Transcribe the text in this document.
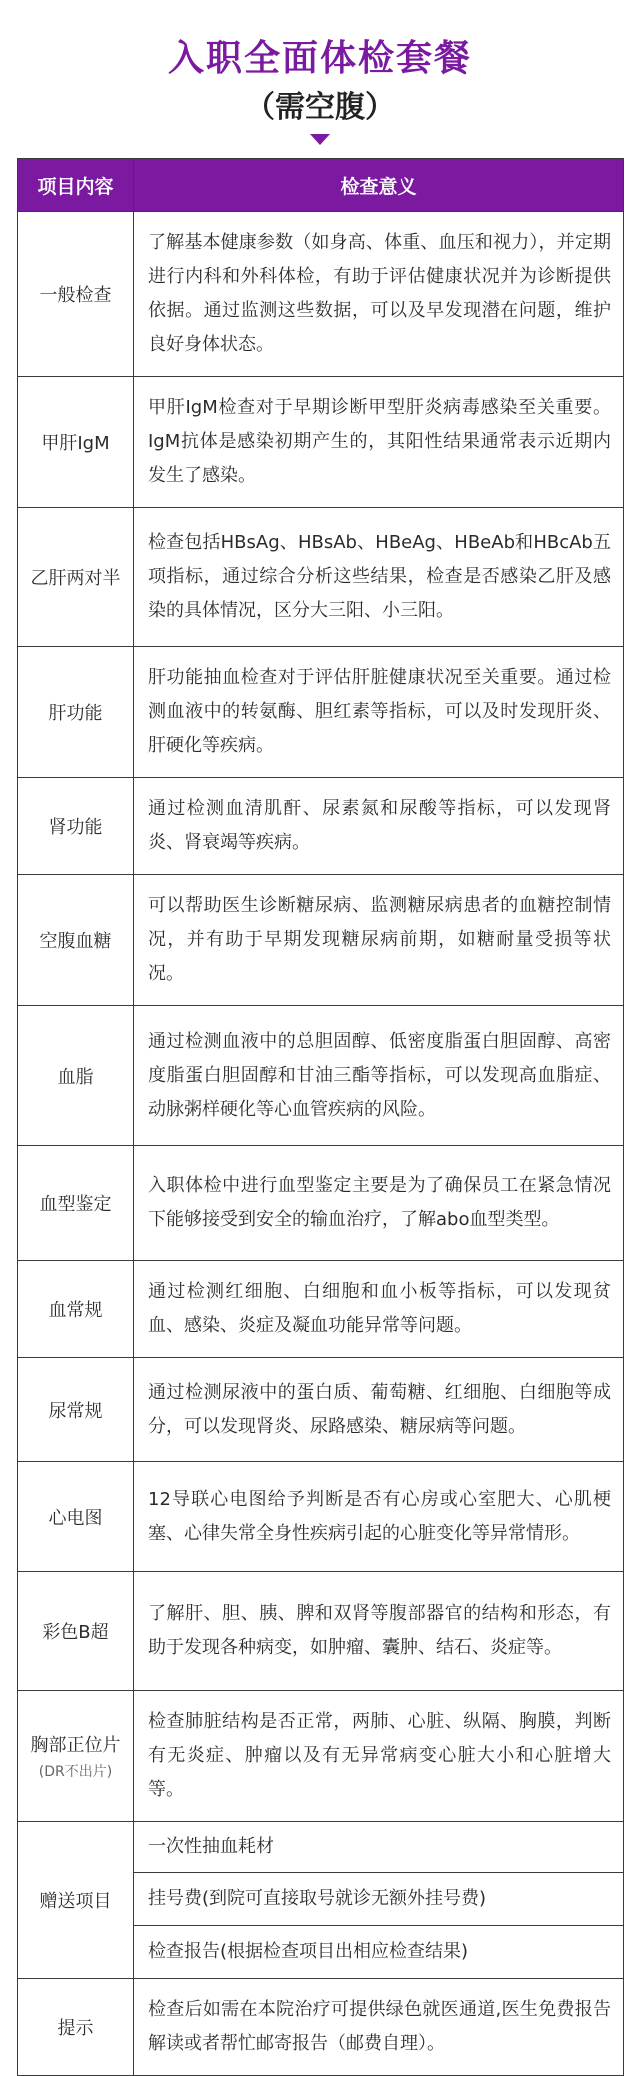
入职全面体检套餐
（需空腹）
项目内容	检查意义
一般检查	了解基本健康参数（如身高、体重、血压和视力），并定期进行内科和外科体检，有助于评估健康状况并为诊断提供依据。通过监测这些数据，可以及早发现潜在问题，维护良好身体状态。
甲肝IgM	甲肝IgM检查对于早期诊断甲型肝炎病毒感染至关重要。IgM抗体是感染初期产生的，其阳性结果通常表示近期内发生了感染。
乙肝两对半	检查包括HBsAg、HBsAb、HBeAg、HBeAb和HBcAb五项指标，通过综合分析这些结果，检查是否感染乙肝及感染的具体情况，区分大三阳、小三阳。
肝功能	肝功能抽血检查对于评估肝脏健康状况至关重要。通过检测血液中的转氨酶、胆红素等指标，可以及时发现肝炎、肝硬化等疾病。
肾功能	通过检测血清肌酐、尿素氮和尿酸等指标，可以发现肾炎、肾衰竭等疾病。
空腹血糖	可以帮助医生诊断糖尿病、监测糖尿病患者的血糖控制情况，并有助于早期发现糖尿病前期，如糖耐量受损等状况。
血脂	通过检测血液中的总胆固醇、低密度脂蛋白胆固醇、高密度脂蛋白胆固醇和甘油三酯等指标，可以发现高血脂症、动脉粥样硬化等心血管疾病的风险。
血型鉴定	入职体检中进行血型鉴定主要是为了确保员工在紧急情况下能够接受到安全的输血治疗，了解abo血型类型。
血常规	通过检测红细胞、白细胞和血小板等指标，可以发现贫血、感染、炎症及凝血功能异常等问题。
尿常规	通过检测尿液中的蛋白质、葡萄糖、红细胞、白细胞等成分，可以发现肾炎、尿路感染、糖尿病等问题。
心电图	12导联心电图给予判断是否有心房或心室肥大、心肌梗塞、心律失常全身性疾病引起的心脏变化等异常情形。
彩色B超	了解肝、胆、胰、脾和双肾等腹部器官的结构和形态，有助于发现各种病变，如肿瘤、囊肿、结石、炎症等。
胸部正位片
(DR不出片)	检查肺脏结构是否正常，两肺、心脏、纵隔、胸膜，判断有无炎症、肿瘤以及有无异常病变心脏大小和心脏增大等。
赠送项目	一次性抽血耗材
	挂号费(到院可直接取号就诊无额外挂号费)
	检查报告(根据检查项目出相应检查结果)
提示	检查后如需在本院治疗可提供绿色就医通道,医生免费报告解读或者帮忙邮寄报告（邮费自理）。
